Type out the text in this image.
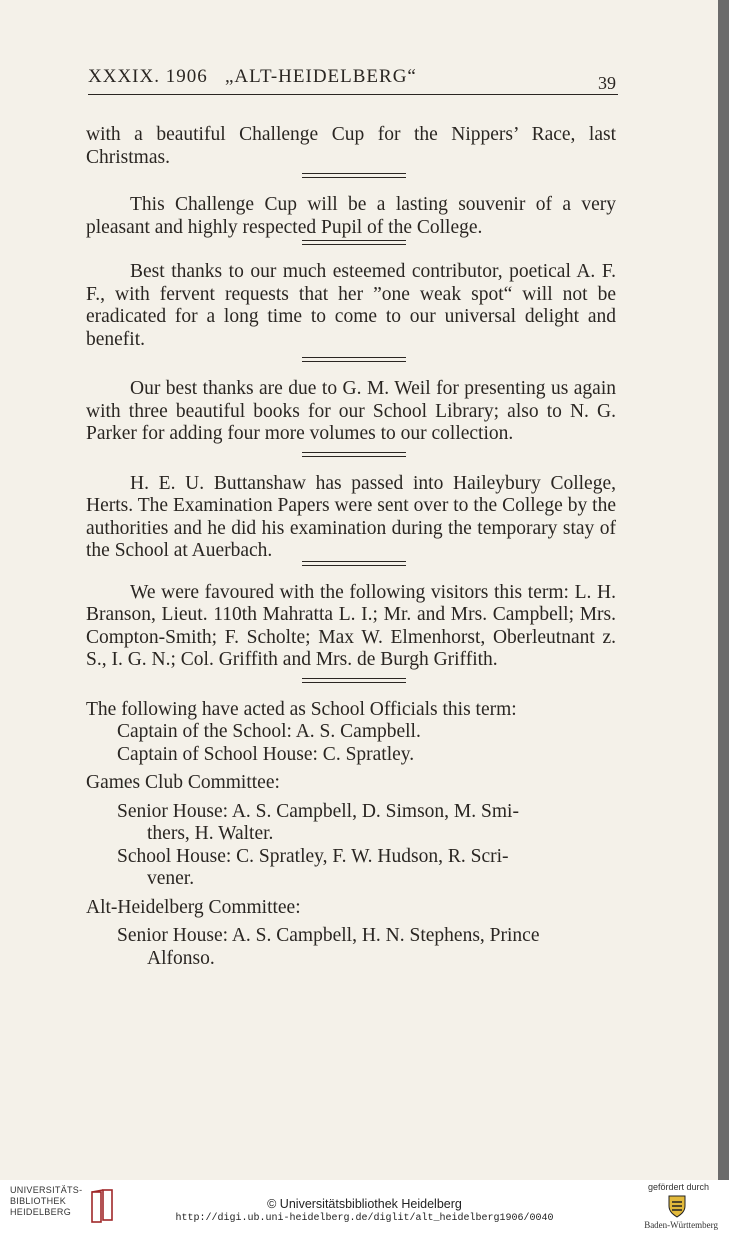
XXXIX. 1906   „ALT-HEIDELBERG“	39

with a beautiful Challenge Cup for the Nippers’ Race, last Christmas.

This Challenge Cup will be a lasting souvenir of a very pleasant and highly respected Pupil of the College.

Best thanks to our much esteemed contributor, poetical A. F. F., with fervent requests that her ”one weak spot“ will not be eradicated for a long time to come to our universal delight and benefit.

Our best thanks are due to G. M. Weil for presenting us again with three beautiful books for our School Library; also to N. G. Parker for adding four more volumes to our collection.

H. E. U. Buttanshaw has passed into Haileybury College, Herts. The Examination Papers were sent over to the College by the authorities and he did his examination during the temporary stay of the School at Auerbach.

We were favoured with the following visitors this term: L. H. Branson, Lieut. 110th Mahratta L. I.; Mr. and Mrs. Campbell; Mrs. Compton-Smith; F. Scholte; Max W. Elmenhorst, Oberleutnant z. S., I. G. N.; Col. Griffith and Mrs. de Burgh Griffith.

The following have acted as School Officials this term:

Captain of the School: A. S. Campbell.

Captain of School House: C. Spratley.

Games Club Committee:

Senior House: A. S. Campbell, D. Simson, M. Smi-
thers, H. Walter.

School House: C. Spratley, F. W. Hudson, R. Scri-
vener.

Alt-Heidelberg Committee:

Senior House: A. S. Campbell, H. N. Stephens, Prince
Alfonso.

UNIVERSITÄTS-
BIBLIOTHEK
HEIDELBERG
© Universitätsbibliothek Heidelberg
http://digi.ub.uni-heidelberg.de/diglit/alt_heidelberg1906/0040
gefördert durch
Baden-Württemberg
